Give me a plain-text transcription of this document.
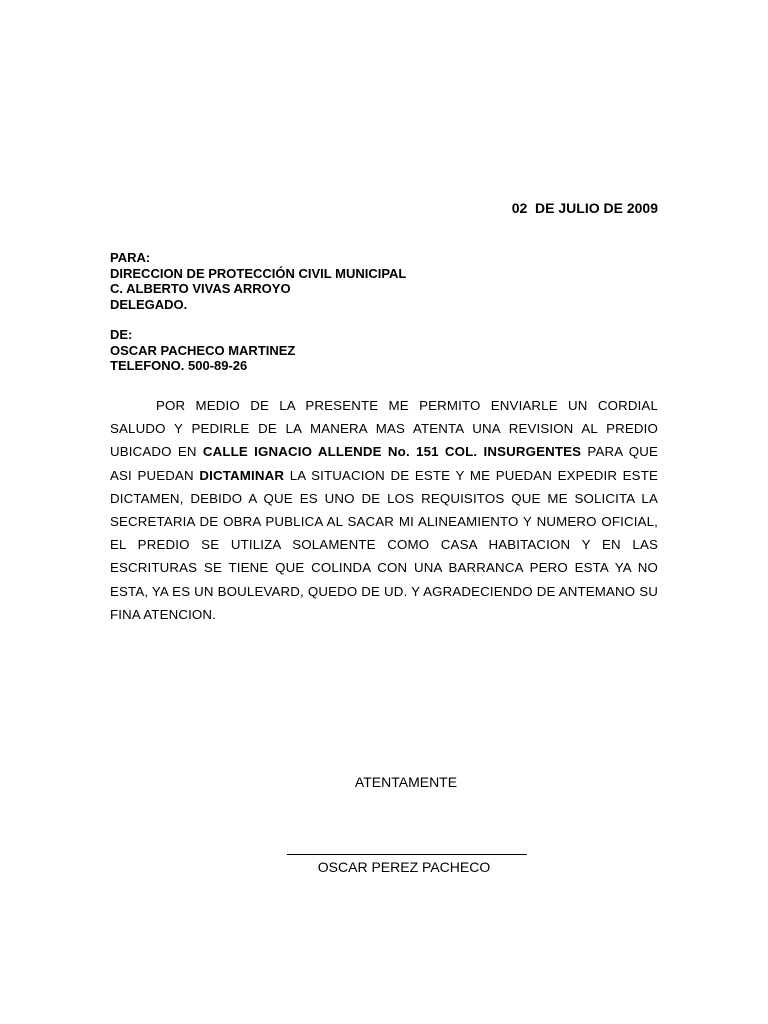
02  DE JULIO DE 2009
PARA:
DIRECCION DE PROTECCIÓN CIVIL MUNICIPAL
C. ALBERTO VIVAS ARROYO
DELEGADO.
DE:
OSCAR PACHECO MARTINEZ
TELEFONO. 500-89-26

POR MEDIO DE LA PRESENTE ME PERMITO ENVIARLE UN CORDIAL SALUDO Y PEDIRLE DE LA MANERA MAS ATENTA UNA REVISION AL PREDIO UBICADO EN CALLE IGNACIO ALLENDE No. 151 COL. INSURGENTES PARA QUE ASI PUEDAN DICTAMINAR LA SITUACION DE ESTE Y ME PUEDAN EXPEDIR ESTE DICTAMEN, DEBIDO A QUE ES UNO DE LOS REQUISITOS QUE ME SOLICITA LA SECRETARIA DE OBRA PUBLICA AL SACAR MI ALINEAMIENTO Y NUMERO OFICIAL, EL PREDIO SE UTILIZA SOLAMENTE COMO CASA HABITACION Y EN LAS ESCRITURAS SE TIENE QUE COLINDA CON UNA BARRANCA PERO ESTA YA NO ESTA, YA ES UN BOULEVARD, QUEDO DE UD. Y AGRADECIENDO DE ANTEMANO SU FINA ATENCION.

ATENTAMENTE
OSCAR PEREZ PACHECO
